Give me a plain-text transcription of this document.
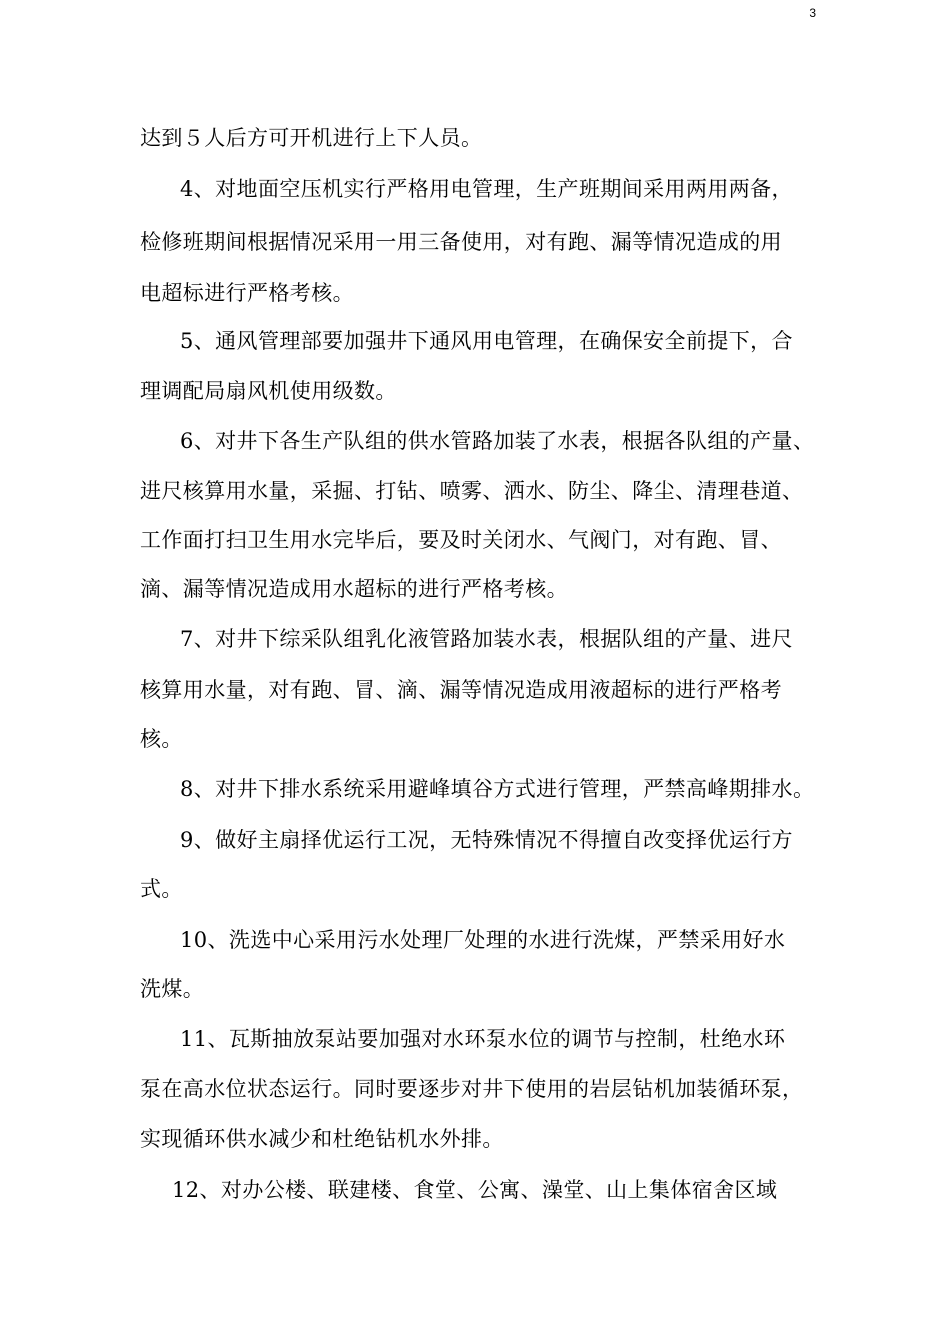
3
达到５人后方可开机进行上下人员。
4、对地面空压机实行严格用电管理，生产班期间采用两用两备，
检修班期间根据情况采用一用三备使用，对有跑、漏等情况造成的用
电超标进行严格考核。
5、通风管理部要加强井下通风用电管理，在确保安全前提下，合
理调配局扇风机使用级数。
6、对井下各生产队组的供水管路加装了水表，根据各队组的产量、
进尺核算用水量，采掘、打钻、喷雾、洒水、防尘、降尘、清理巷道、
工作面打扫卫生用水完毕后，要及时关闭水、气阀门，对有跑、冒、
滴、漏等情况造成用水超标的进行严格考核。
7、对井下综采队组乳化液管路加装水表，根据队组的产量、进尺
核算用水量，对有跑、冒、滴、漏等情况造成用液超标的进行严格考
核。
8、对井下排水系统采用避峰填谷方式进行管理，严禁高峰期排水。
9、做好主扇择优运行工况，无特殊情况不得擅自改变择优运行方
式。
10、洗选中心采用污水处理厂处理的水进行洗煤，严禁采用好水
洗煤。
11、瓦斯抽放泵站要加强对水环泵水位的调节与控制，杜绝水环
泵在高水位状态运行。同时要逐步对井下使用的岩层钻机加装循环泵，
实现循环供水减少和杜绝钻机水外排。
12、对办公楼、联建楼、食堂、公寓、澡堂、山上集体宿舍区域
